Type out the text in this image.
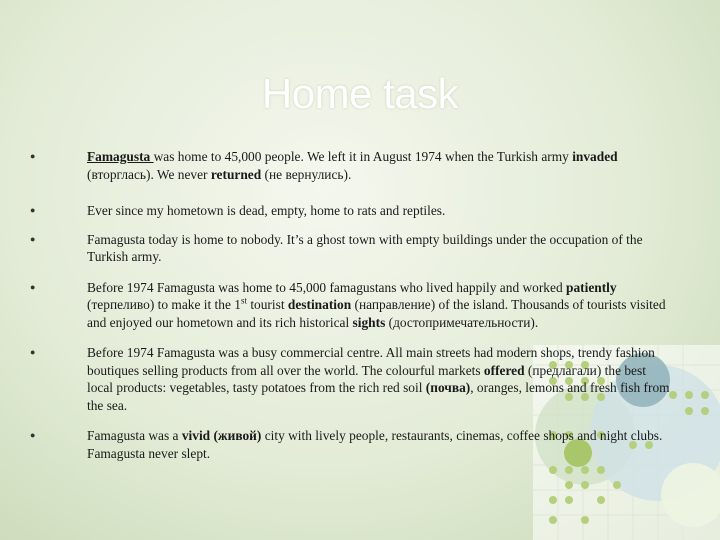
Home task
●	Famagusta was home to 45,000 people. We left it in August 1974 when the Turkish army invaded (вторглась). We never returned (не вернулись).
●	Ever since my hometown is dead, empty, home to rats and reptiles.
●	Famagusta today is home to nobody. It’s a ghost town with empty buildings under the occupation of the Turkish army.
●	Before 1974 Famagusta was home to 45,000 famagustans who lived happily and worked patiently (терпеливо) to make it the 1st tourist destination (направление) of the island. Thousands of tourists visited and enjoyed our hometown and its rich historical sights (достопримечательности).
●	Before 1974 Famagusta was a busy commercial centre. All main streets had modern shops, trendy fashion boutiques selling products from all over the world. The colourful markets offered (предлагали) the best local products: vegetables, tasty potatoes from the rich red soil (почва), oranges, lemons and fresh fish from the sea.
●	Famagusta was a vivid (живой) city with lively people, restaurants, cinemas, coffee shops and night clubs. Famagusta never slept.
